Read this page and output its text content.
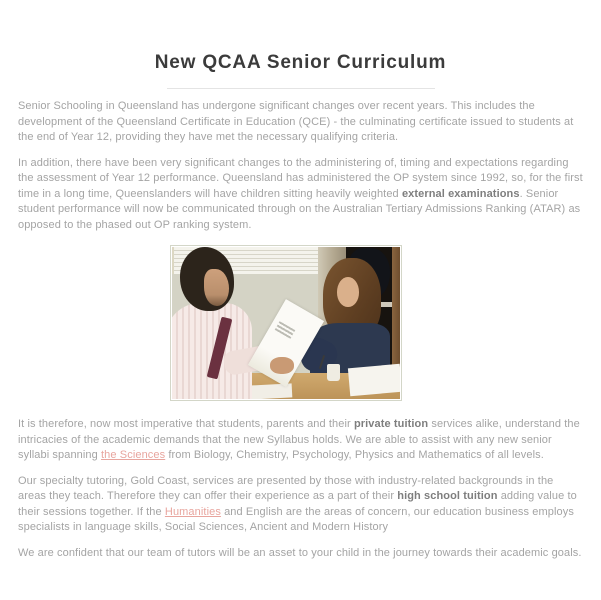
New QCAA Senior Curriculum

Senior Schooling in Queensland has undergone significant changes over recent years. This includes the development of the Queensland Certificate in Education (QCE) - the culminating certificate issued to students at the end of Year 12, providing they have met the necessary qualifying criteria.

In addition, there have been very significant changes to the administering of, timing and expectations regarding the assessment of Year 12 performance. Queensland has administered the OP system since 1992, so, for the first time in a long time, Queenslanders will have children sitting heavily weighted external examinations. Senior student performance will now be communicated through on the Australian Tertiary Admissions Ranking (ATAR) as opposed to the phased out OP ranking system.

It is therefore, now most imperative that students, parents and their private tuition services alike, understand the intricacies of the academic demands that the new Syllabus holds. We are able to assist with any new senior syllabi spanning the Sciences from Biology, Chemistry, Psychology, Physics and Mathematics of all levels.

Our specialty tutoring, Gold Coast, services are presented by those with industry-related backgrounds in the areas they teach. Therefore they can offer their experience as a part of their high school tuition adding value to their sessions together. If the Humanities and English are the areas of concern, our education business employs specialists in language skills, Social Sciences, Ancient and Modern History

We are confident that our team of tutors will be an asset to your child in the journey towards their academic goals.
